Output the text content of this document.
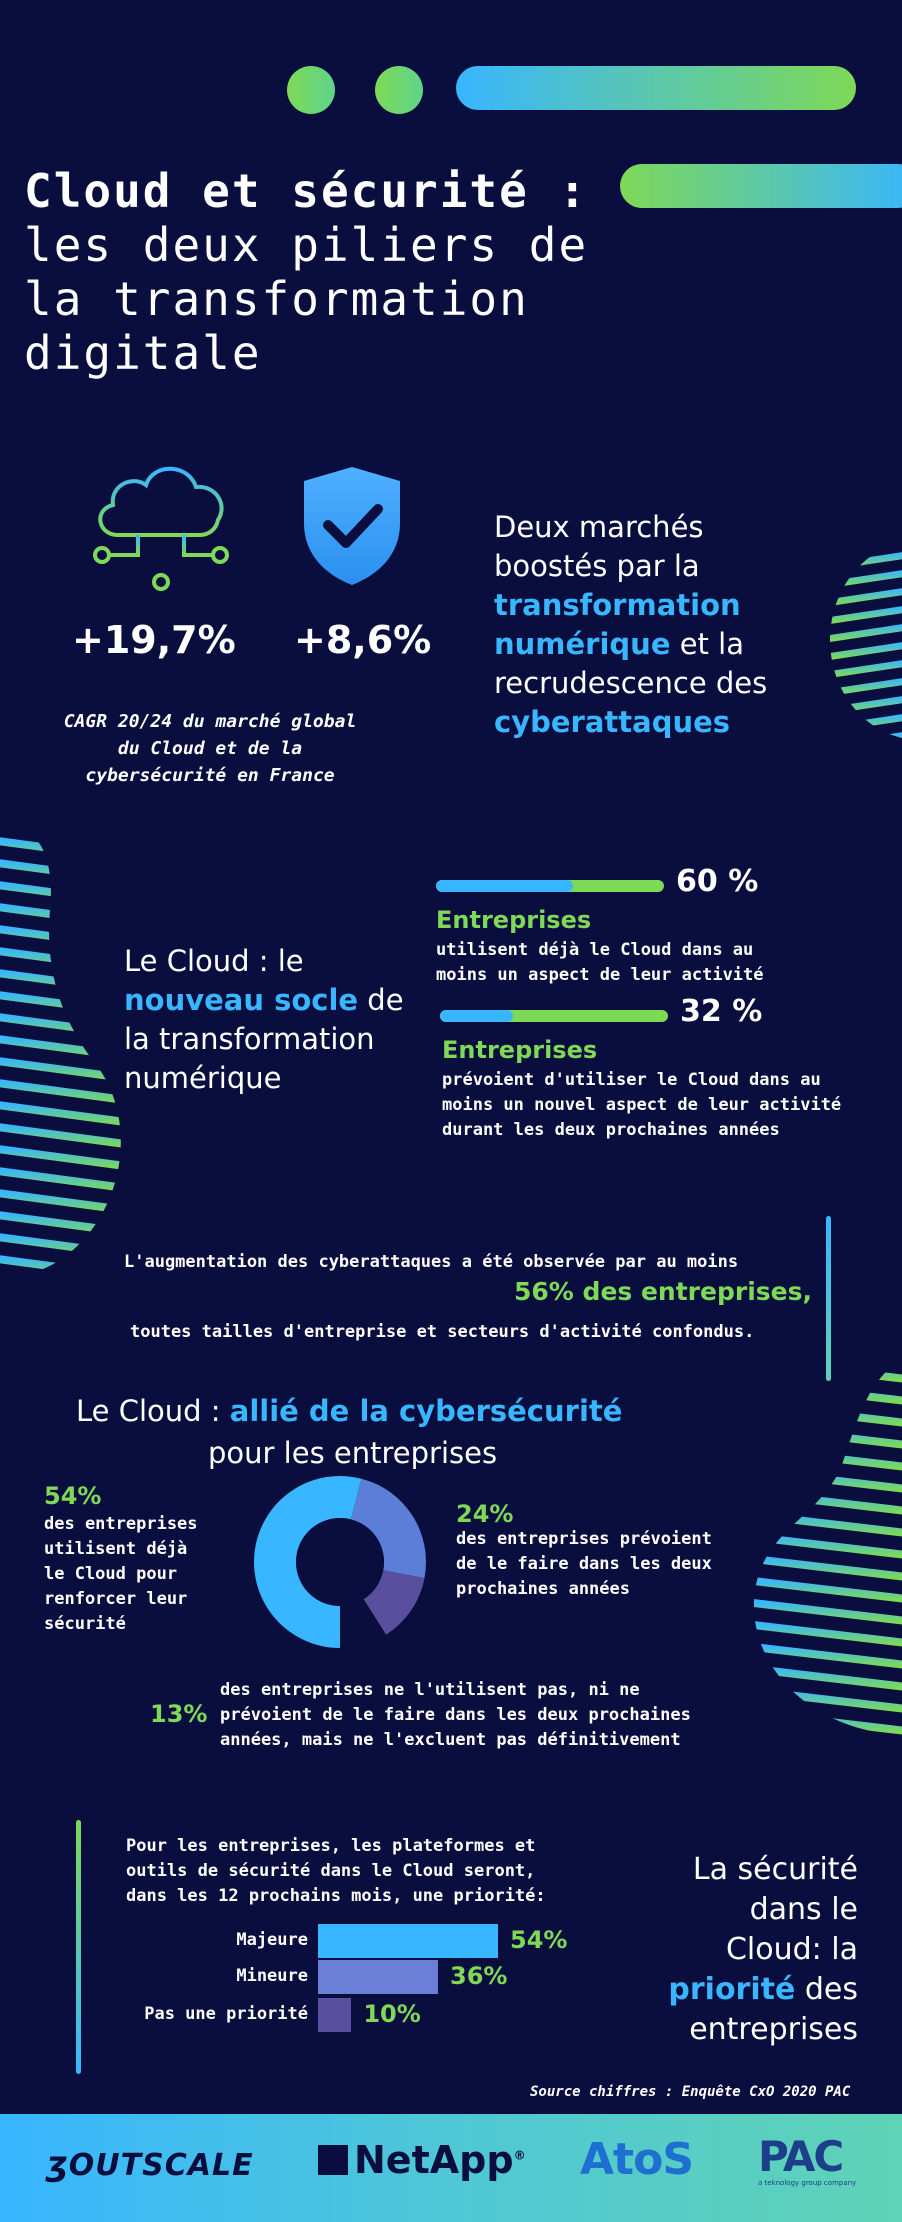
Cloud et sécurité :
les deux piliers de
la transformation
digitale
+19,7% +8,6%
CAGR 20/24 du marché global
du Cloud et de la
cybersécurité en France
Deux marchés
boostés par la
transformation
numérique et la
recrudescence des
cyberattaques
Le Cloud : le
nouveau socle de
la transformation
numérique
60 %
Entreprises
utilisent déjà le Cloud dans au
moins un aspect de leur activité
32 %
Entreprises
prévoient d'utiliser le Cloud dans au
moins un nouvel aspect de leur activité
durant les deux prochaines années
L'augmentation des cyberattaques a été observée par au moins
56% des entreprises,
toutes tailles d'entreprise et secteurs d'activité confondus.
Le Cloud : allié de la cybersécurité
pour les entreprises
54%
des entreprises
utilisent déjà
le Cloud pour
renforcer leur
sécurité
24%
des entreprises prévoient
de le faire dans les deux
prochaines années
13%
des entreprises ne l'utilisent pas, ni ne
prévoient de le faire dans les deux prochaines
années, mais ne l'excluent pas définitivement
Pour les entreprises, les plateformes et
outils de sécurité dans le Cloud seront,
dans les 12 prochains mois, une priorité:
Majeure	54%
Mineure	36%
Pas une priorité 10%
La sécurité
dans le
Cloud: la
priorité des
entreprises
Source chiffres : Enquête CxO 2020 PAC
ʒOUTSCALE	NetApp® AtoS PAC
a teknology group company
